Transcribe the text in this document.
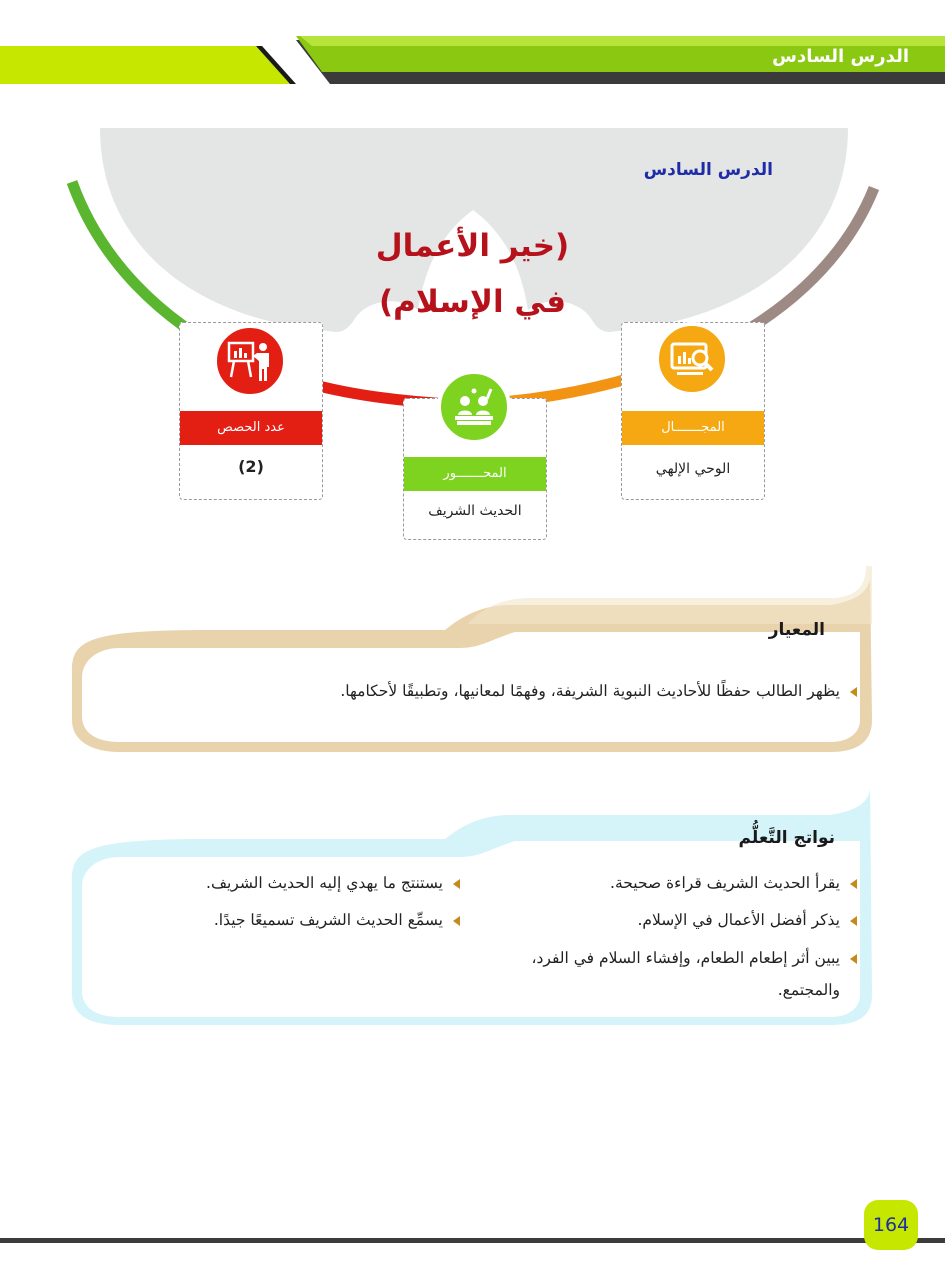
الدرس السادس
الدرس السادس
(خير الأعمال
في الإسلام)
عدد الحصص
(2)	المحـــــــور
الحديث الشريف
المجـــــــال
الوحي الإلهي
المعيار
يظهر الطالب حفظًا للأحاديث النبوية الشريفة، وفهمًا لمعانيها، وتطبيقًا لأحكامها.
نواتج التَّعلُّم
يقرأ الحديث الشريف قراءة صحيحة.
يذكر أفضل الأعمال في الإسلام.
يبين أثر إطعام الطعام، وإفشاء السلام في الفرد،
والمجتمع.
يستنتج ما يهدي إليه الحديث الشريف.
يسمِّع الحديث الشريف تسميعًا جيدًا.
164
